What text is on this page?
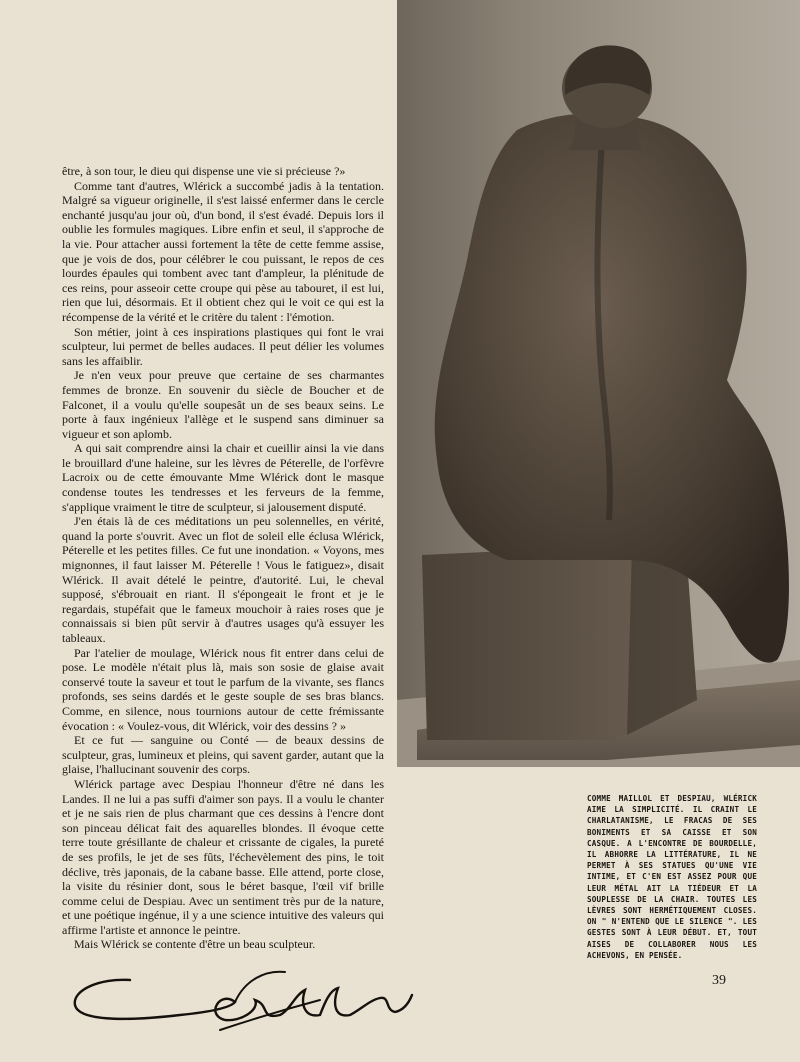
être, à son tour, le dieu qui dispense une vie si précieuse ?»

Comme tant d'autres, Wlérick a succombé jadis à la tentation. Malgré sa vigueur originelle, il s'est laissé enfermer dans le cercle enchanté jusqu'au jour où, d'un bond, il s'est évadé. Depuis lors il oublie les formules magiques. Libre enfin et seul, il s'approche de la vie. Pour attacher aussi fortement la tête de cette femme assise, que je vois de dos, pour célébrer le cou puissant, le repos de ces lourdes épaules qui tombent avec tant d'ampleur, la plénitude de ces reins, pour asseoir cette croupe qui pèse au tabouret, il est lui, rien que lui, désormais. Et il obtient chez qui le voit ce qui est la récompense de la vérité et le critère du talent : l'émotion.

Son métier, joint à ces inspirations plastiques qui font le vrai sculpteur, lui permet de belles audaces. Il peut délier les volumes sans les affaiblir.

Je n'en veux pour preuve que certaine de ses charmantes femmes de bronze. En souvenir du siècle de Boucher et de Falconet, il a voulu qu'elle soupesât un de ses beaux seins. Le porte à faux ingénieux l'allège et le suspend sans diminuer sa vigueur et son aplomb.

A qui sait comprendre ainsi la chair et cueillir ainsi la vie dans le brouillard d'une haleine, sur les lèvres de Péterelle, de l'orfèvre Lacroix ou de cette émouvante Mme Wlérick dont le masque condense toutes les tendresses et les ferveurs de la femme, s'applique vraiment le titre de sculpteur, si jalousement disputé.

J'en étais là de ces méditations un peu solennelles, en vérité, quand la porte s'ouvrit. Avec un flot de soleil elle éclusa Wlérick, Péterelle et les petites filles. Ce fut une inondation. « Voyons, mes mignonnes, il faut laisser M. Péterelle ! Vous le fatiguez», disait Wlérick. Il avait dételé le peintre, d'autorité. Lui, le cheval supposé, s'ébrouait en riant. Il s'épongeait le front et je le regardais, stupéfait que le fameux mouchoir à raies roses que je connaissais si bien pût servir à d'autres usages qu'à essuyer les tableaux.

Par l'atelier de moulage, Wlérick nous fit entrer dans celui de pose. Le modèle n'était plus là, mais son sosie de glaise avait conservé toute la saveur et tout le parfum de la vivante, ses flancs profonds, ses seins dardés et le geste souple de ses bras blancs. Comme, en silence, nous tournions autour de cette frémissante évocation : « Voulez-vous, dit Wlérick, voir des dessins ? »

Et ce fut — sanguine ou Conté — de beaux dessins de sculpteur, gras, lumineux et pleins, qui savent garder, autant que la glaise, l'hallucinant souvenir des corps.

Wlérick partage avec Despiau l'honneur d'être né dans les Landes. Il ne lui a pas suffi d'aimer son pays. Il a voulu le chanter et je ne sais rien de plus charmant que ces dessins à l'encre dont son pinceau délicat fait des aquarelles blondes. Il évoque cette terre toute grésillante de chaleur et crissante de cigales, la pureté de ses profils, le jet de ses fûts, l'échevèlement des pins, le toit déclive, très japonais, de la cabane basse. Elle attend, porte close, la visite du résinier dont, sous le béret basque, l'œil vif brille comme celui de Despiau. Avec un sentiment très pur de la nature, et une poétique ingénue, il y a une science intuitive des valeurs qui affirme l'artiste et annonce le peintre.

Mais Wlérick se contente d'être un beau sculpteur.

COMME MAILLOL ET DESPIAU, WLÉRICK AIME LA SIMPLICITÉ. IL CRAINT LE CHARLATANISME, LE FRACAS DE SES BONIMENTS ET SA CAISSE ET SON CASQUE. A L'ENCONTRE DE BOURDELLE, IL ABHORRE LA LITTÉRATURE, IL NE PERMET À SES STATUES QU'UNE VIE INTIME, ET C'EN EST ASSEZ POUR QUE LEUR MÉTAL AIT LA TIÉDEUR ET LA SOUPLESSE DE LA CHAIR. TOUTES LES LÈVRES SONT HERMÉTIQUEMENT CLOSES. ON " N'ENTEND QUE LE SILENCE ". LES GESTES SONT À LEUR DÉBUT. ET, TOUT AISES DE COLLABORER NOUS LES ACHEVONS, EN PENSÉE.
39
